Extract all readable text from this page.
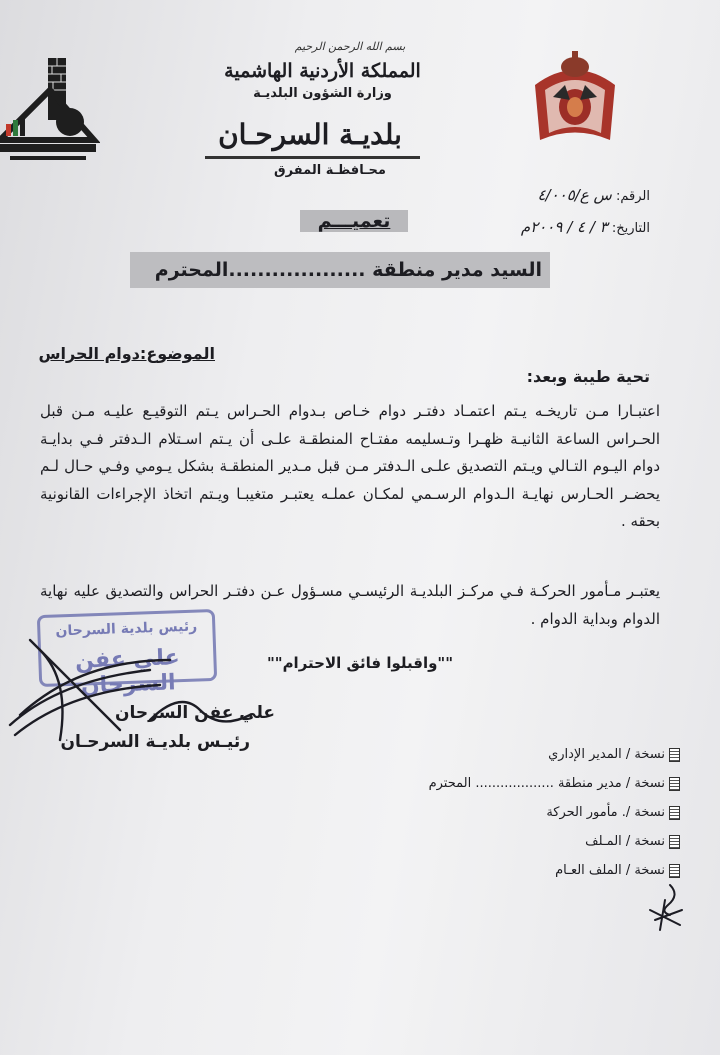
بسم الله الرحمن الرحيم
المملكة الأردنية الهاشمية
وزارة الشؤون البلديـة
بلديـة السرحـان
محـافظـة المفرق
الرقم: س ع/٤/٠٠٥
التاريخ: ٣ / ٤ / ٢٠٠٩م
تعميـــم
السيد مدير منطقة ...................المحترم
الموضوع:دوام الحراس
تحية طيبة وبعد:
اعتبـارا مـن تاريخـه يـتم اعتمـاد دفتـر دوام خـاص بـدوام الحـراس يـتم التوقيـع عليـه مـن قبل الحـراس الساعة الثانيـة ظهـرا وتـسليمه مفتـاح المنطقـة علـى أن يـتم اسـتلام الـدفتر فـي بدايـة دوام اليـوم التـالي ويـتم التصديق علـى الـدفتر مـن قبل مـدير المنطقـة بشكل يـومي وفـي حـال لـم يحضـر الحـارس نهايـة الـدوام الرسـمي لمكـان عملـه يعتبـر متغيبـا ويـتم اتخاذ الإجراءات القانونية بحقه .
يعتبـر مـأمور الحركـة فـي مركـز البلديـة الرئيسـي مسـؤول عـن دفتـر الحراس والتصديق عليه نهاية الدوام وبداية الدوام .
""واقبلوا فائق الاحترام""
رئيس بلدية السرحان
علي عفن السرحان
علي عفن السرحان
رئيـس بلديـة السرحـان
نسخة / المدير الإداري
نسخة / مدير منطقة ................... المحترم
نسخة /. مأمور الحركة
نسخة / المـلف
نسخة / الملف العـام
